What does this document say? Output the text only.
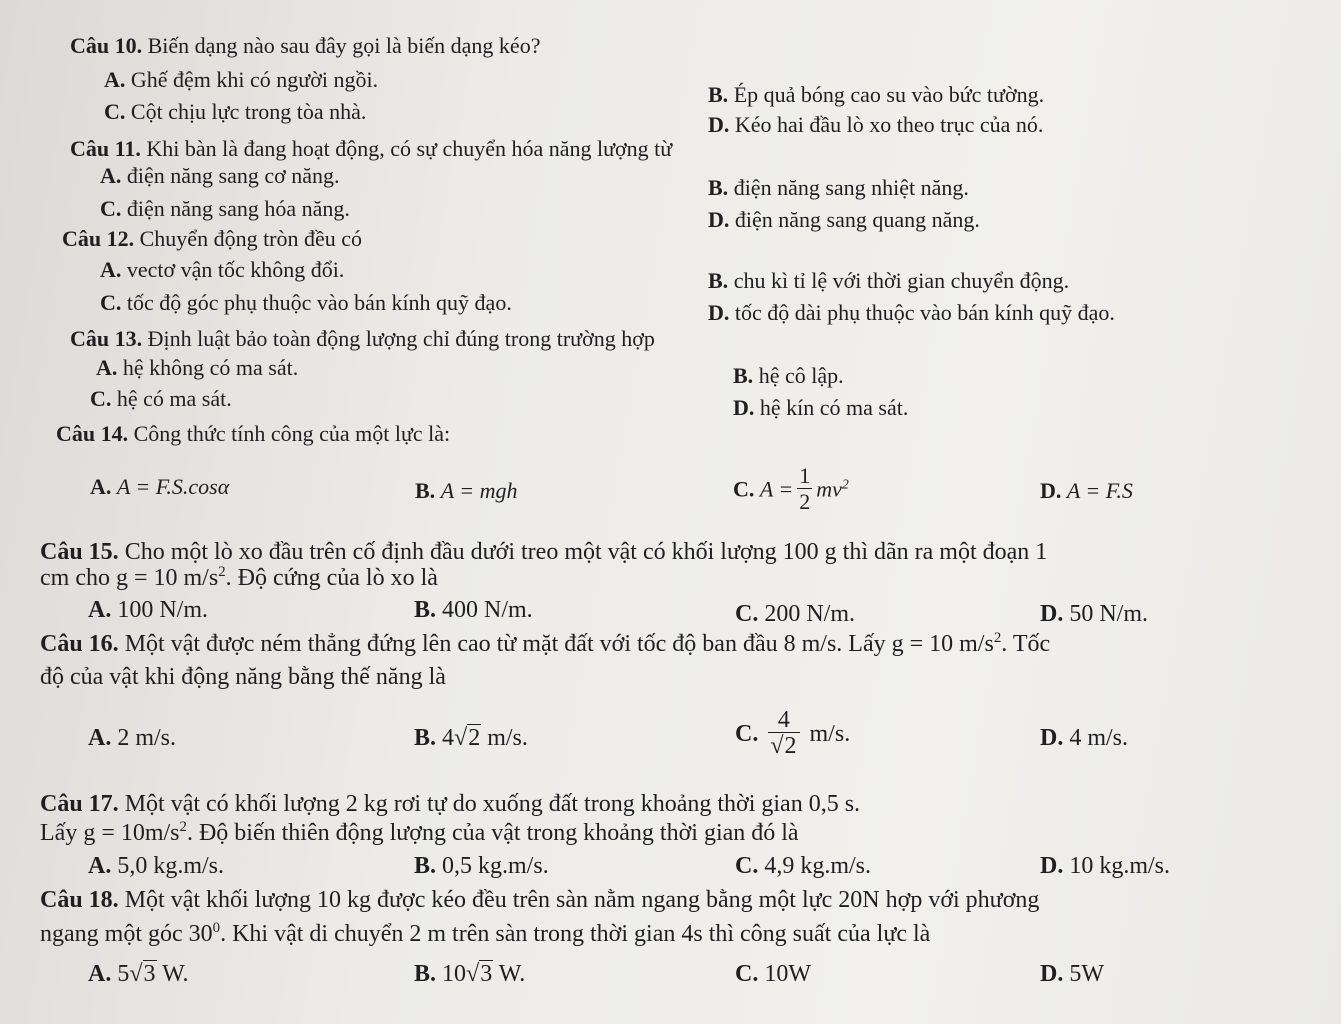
Câu 10. Biến dạng nào sau đây gọi là biến dạng kéo?
A. Ghế đệm khi có người ngồi.
B. Ép quả bóng cao su vào bức tường.
C. Cột chịu lực trong tòa nhà.
D. Kéo hai đầu lò xo theo trục của nó.
Câu 11. Khi bàn là đang hoạt động, có sự chuyển hóa năng lượng từ
A. điện năng sang cơ năng.	B. điện năng sang nhiệt năng.
C. điện năng sang hóa năng.	D. điện năng sang quang năng.
Câu 12. Chuyển động tròn đều có
A. vectơ vận tốc không đổi.	B. chu kì tỉ lệ với thời gian chuyển động.
C. tốc độ góc phụ thuộc vào bán kính quỹ đạo.	D. tốc độ dài phụ thuộc vào bán kính quỹ đạo.
Câu 13. Định luật bảo toàn động lượng chỉ đúng trong trường hợp
A. hệ không có ma sát.	B. hệ cô lập.
C. hệ có ma sát.	D. hệ kín có ma sát.
Câu 14. Công thức tính công của một lực là:
A. A = F.S.cosα	B. A = mgh	C. $A = \frac{1}{2} mv^2$	D. A = F.S
Câu 15. Cho một lò xo đầu trên cố định đầu dưới treo một vật có khối lượng 100 g thì dãn ra một đoạn 1
cm cho g = 10 $m/s^2$. Độ cứng của lò xo là
A. 100 N/m.	B. 400 N/m.	C. 200 N/m.	D. 50 N/m.
Câu 16. Một vật được ném thẳng đứng lên cao từ mặt đất với tốc độ ban đầu 8 m/s. Lấy g = 10 $m/s^2$. Tốc
độ của vật khi động năng bằng thế năng là
A. 2 m/s.	B. 4√2 m/s.	C. $\frac{4}{√2} m/s$.	D. 4 m/s.
Câu 17. Một vật có khối lượng 2 kg rơi tự do xuống đất trong khoảng thời gian 0,5 s.
Lấy $g = 10m/s^2$. Độ biến thiên động lượng của vật trong khoảng thời gian đó là
A. 5,0 kg.m/s.	B. 0,5 kg.m/s.	C. 4,9 kg.m/s.	D. 10 kg.m/s.
Câu 18. Một vật khối lượng 10 kg được kéo đều trên sàn nằm ngang bằng một lực 20N hợp với phương
ngang một góc $30^0$. Khi vật di chuyển 2 m trên sàn trong thời gian 4s thì công suất của lực là
A. 5√3 W.	B. 10√3 W.	C. 10W	D. 5W
